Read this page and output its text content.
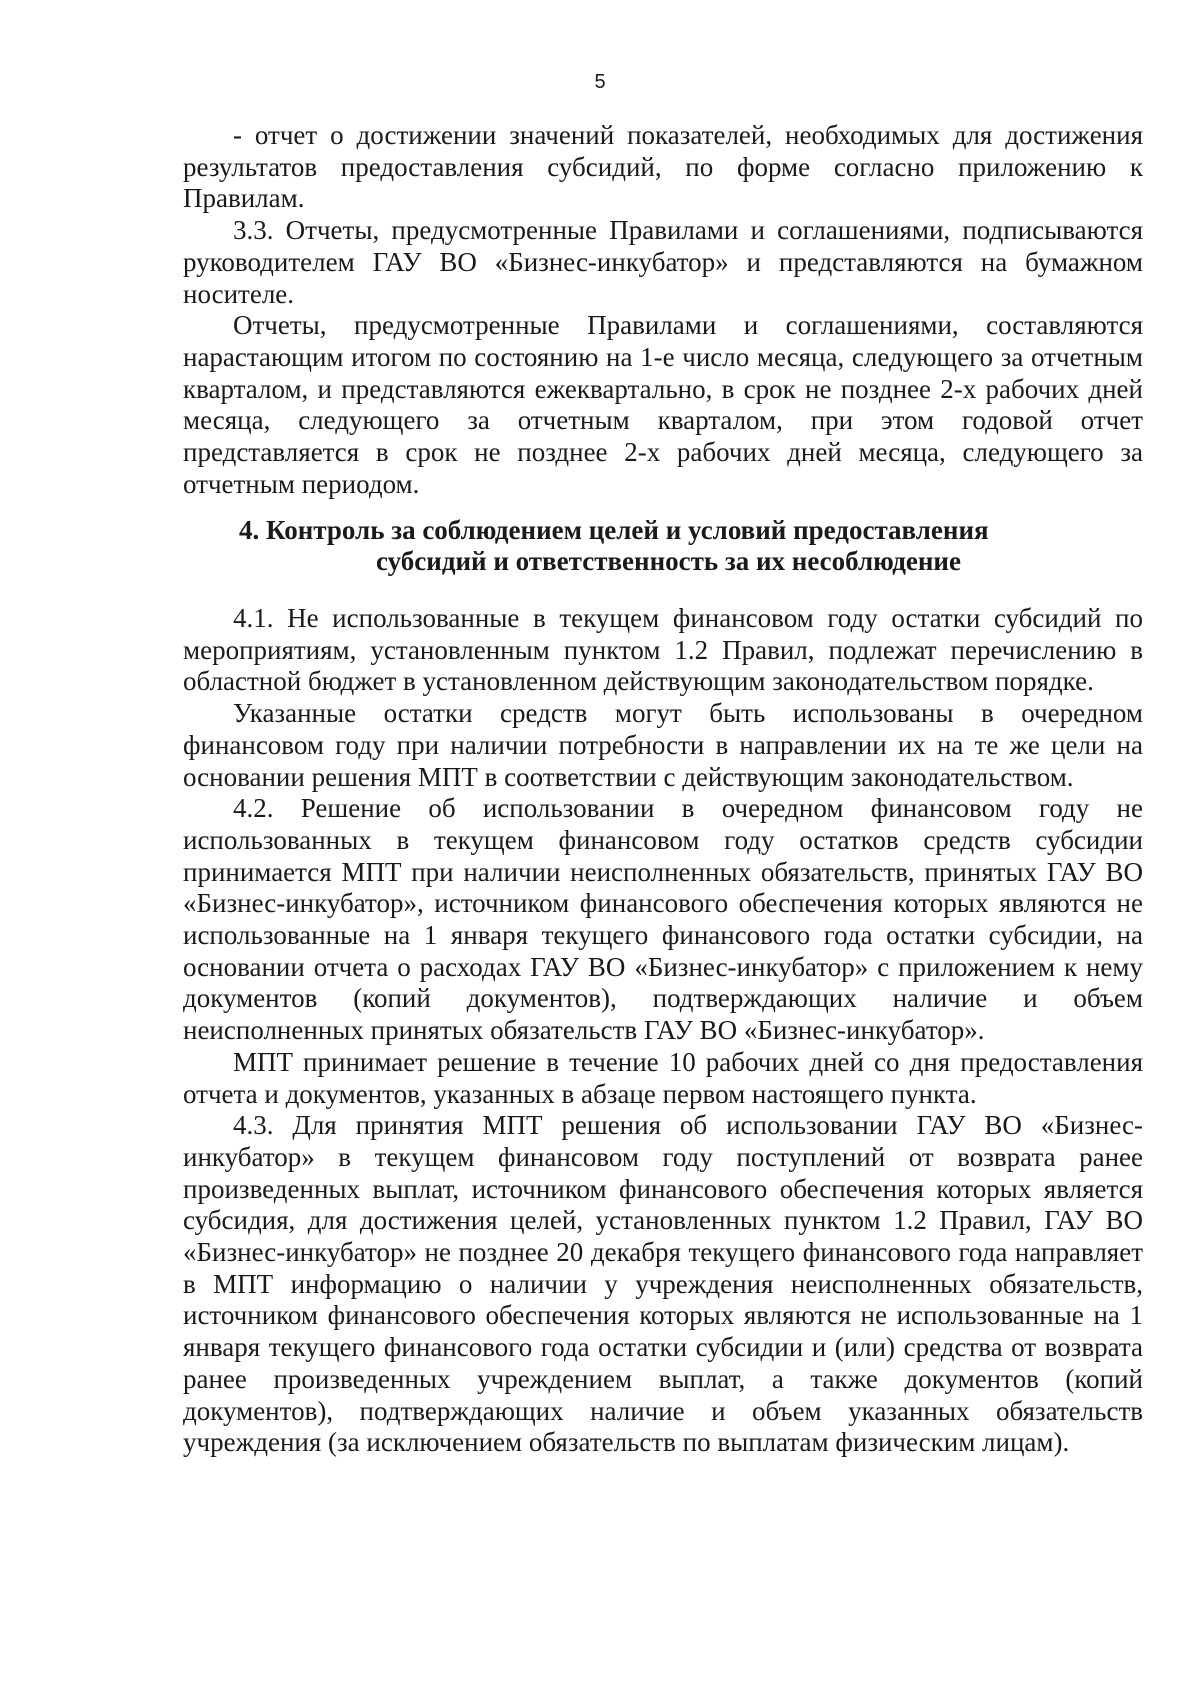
5

- отчет о достижении значений показателей, необходимых для достижения результатов предоставления субсидий, по форме согласно приложению к Правилам.

3.3. Отчеты, предусмотренные Правилами и соглашениями, подписываются руководителем ГАУ ВО «Бизнес-инкубатор» и представляются на бумажном носителе.

Отчеты, предусмотренные Правилами и соглашениями, составляются нарастающим итогом по состоянию на 1-е число месяца, следующего за отчетным кварталом, и представляются ежеквартально, в срок не позднее 2-х рабочих дней месяца, следующего за отчетным кварталом, при этом годовой отчет представляется в срок не позднее 2-х рабочих дней месяца, следующего за отчетным периодом.

4. Контроль за соблюдением целей и условий предоставления
субсидий и ответственность за их несоблюдение

4.1. Не использованные в текущем финансовом году остатки субсидий по мероприятиям, установленным пунктом 1.2 Правил, подлежат перечислению в областной бюджет в установленном действующим законодательством порядке.

Указанные остатки средств могут быть использованы в очередном финансовом году при наличии потребности в направлении их на те же цели на основании решения МПТ в соответствии с действующим законодательством.

4.2. Решение об использовании в очередном финансовом году не использованных в текущем финансовом году остатков средств субсидии принимается МПТ при наличии неисполненных обязательств, принятых ГАУ ВО «Бизнес-инкубатор», источником финансового обеспечения которых являются не использованные на 1 января текущего финансового года остатки субсидии, на основании отчета о расходах ГАУ ВО «Бизнес-инкубатор» с приложением к нему документов (копий документов), подтверждающих наличие и объем неисполненных принятых обязательств ГАУ ВО «Бизнес-инкубатор».

МПТ принимает решение в течение 10 рабочих дней со дня предоставления отчета и документов, указанных в абзаце первом настоящего пункта.

4.3. Для принятия МПТ решения об использовании ГАУ ВО «Бизнес-инкубатор» в текущем финансовом году поступлений от возврата ранее произведенных выплат, источником финансового обеспечения которых является субсидия, для достижения целей, установленных пунктом 1.2 Правил, ГАУ ВО «Бизнес-инкубатор» не позднее 20 декабря текущего финансового года направляет в МПТ информацию о наличии у учреждения неисполненных обязательств, источником финансового обеспечения которых являются не использованные на 1 января текущего финансового года остатки субсидии и (или) средства от возврата ранее произведенных учреждением выплат, а также документов (копий документов), подтверждающих наличие и объем указанных обязательств учреждения (за исключением обязательств по выплатам физическим лицам).
